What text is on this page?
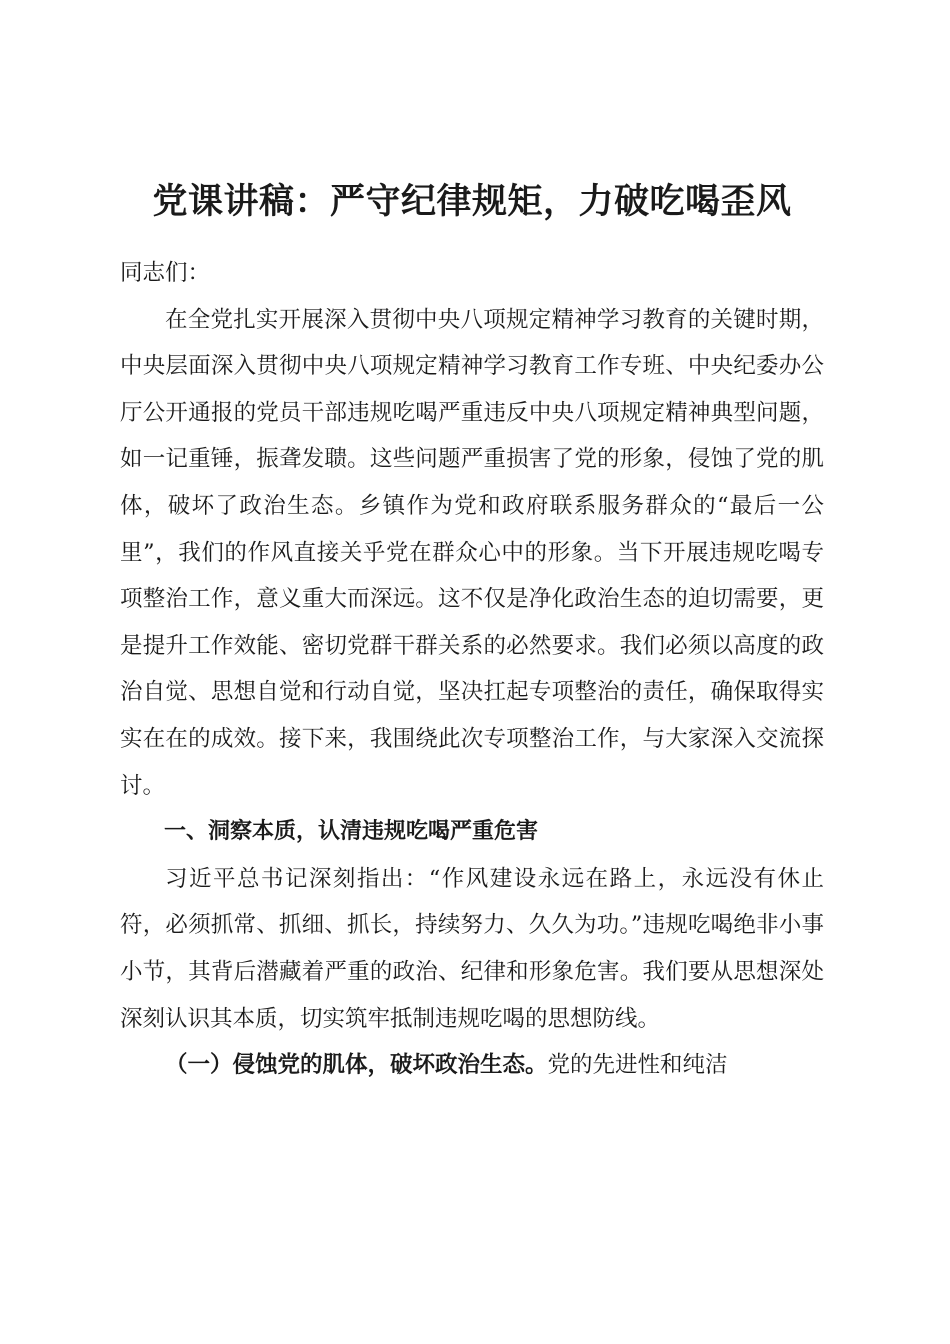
党课讲稿：严守纪律规矩，力破吃喝歪风

同志们：

在全党扎实开展深入贯彻中央八项规定精神学习教育的关键时期，中央层面深入贯彻中央八项规定精神学习教育工作专班、中央纪委办公厅公开通报的党员干部违规吃喝严重违反中央八项规定精神典型问题，如一记重锤，振聋发聩。这些问题严重损害了党的形象，侵蚀了党的肌体，破坏了政治生态。乡镇作为党和政府联系服务群众的“最后一公里”，我们的作风直接关乎党在群众心中的形象。当下开展违规吃喝专项整治工作，意义重大而深远。这不仅是净化政治生态的迫切需要，更是提升工作效能、密切党群干群关系的必然要求。我们必须以高度的政治自觉、思想自觉和行动自觉，坚决扛起专项整治的责任，确保取得实实在在的成效。接下来，我围绕此次专项整治工作，与大家深入交流探讨。

一、洞察本质，认清违规吃喝严重危害

习近平总书记深刻指出：“作风建设永远在路上，永远没有休止符，必须抓常、抓细、抓长，持续努力、久久为功。”违规吃喝绝非小事小节，其背后潜藏着严重的政治、纪律和形象危害。我们要从思想深处深刻认识其本质，切实筑牢抵制违规吃喝的思想防线。

（一）侵蚀党的肌体，破坏政治生态。党的先进性和纯洁
